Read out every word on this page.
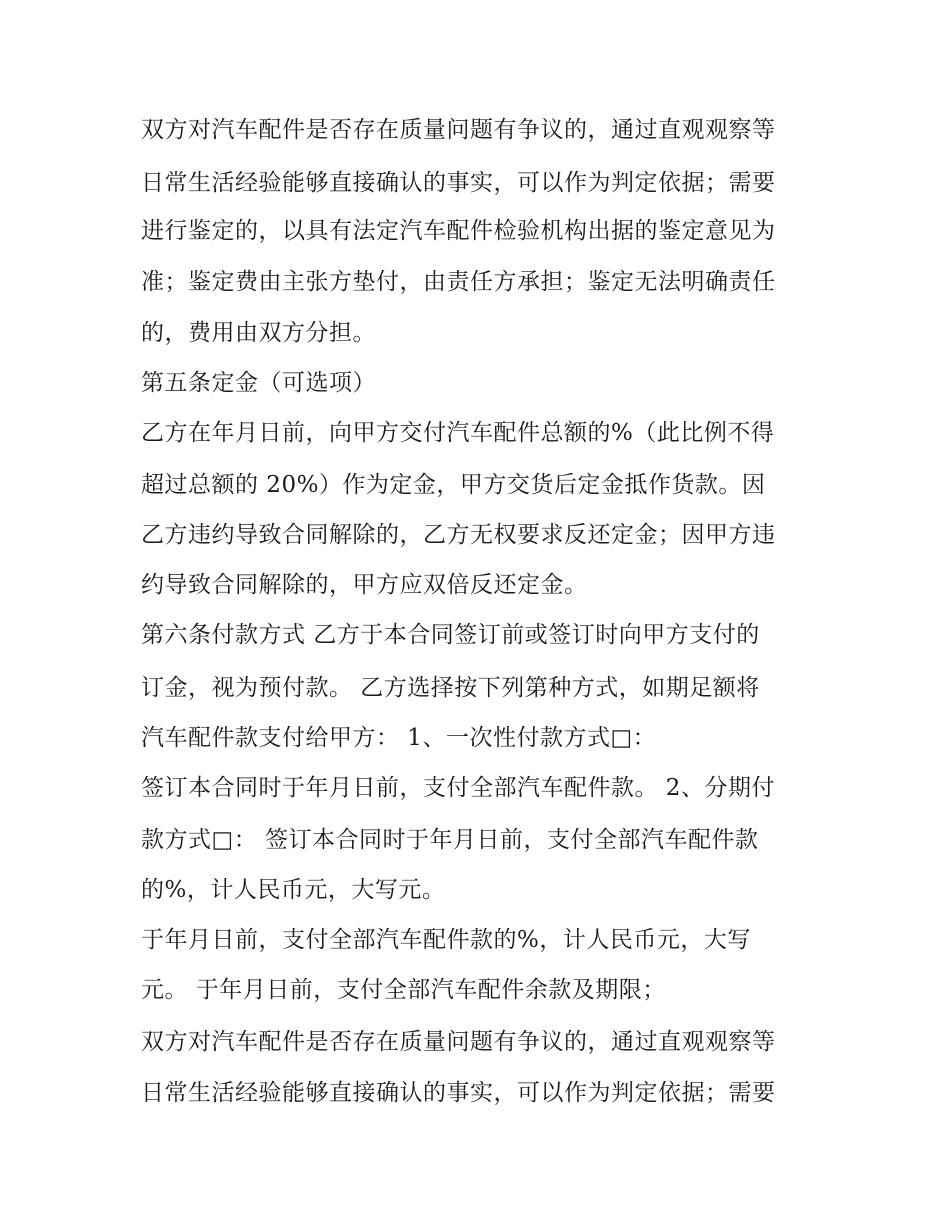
双方对汽车配件是否存在质量问题有争议的，通过直观观察等
日常生活经验能够直接确认的事实，可以作为判定依据；需要
进行鉴定的，以具有法定汽车配件检验机构出据的鉴定意见为
准；鉴定费由主张方垫付，由责任方承担；鉴定无法明确责任
的，费用由双方分担。
第五条定金（可选项）
乙方在年月日前，向甲方交付汽车配件总额的%（此比例不得
超过总额的 20%）作为定金，甲方交货后定金抵作货款。因
乙方违约导致合同解除的，乙方无权要求反还定金；因甲方违
约导致合同解除的，甲方应双倍反还定金。
第六条付款方式 乙方于本合同签订前或签订时向甲方支付的
订金，视为预付款。 乙方选择按下列第种方式，如期足额将
汽车配件款支付给甲方： 1、一次性付款方式□：
签订本合同时于年月日前，支付全部汽车配件款。 2、分期付
款方式□： 签订本合同时于年月日前，支付全部汽车配件款
的%，计人民币元，大写元。
于年月日前，支付全部汽车配件款的%，计人民币元，大写
元。 于年月日前，支付全部汽车配件余款及期限；
双方对汽车配件是否存在质量问题有争议的，通过直观观察等
日常生活经验能够直接确认的事实，可以作为判定依据；需要
